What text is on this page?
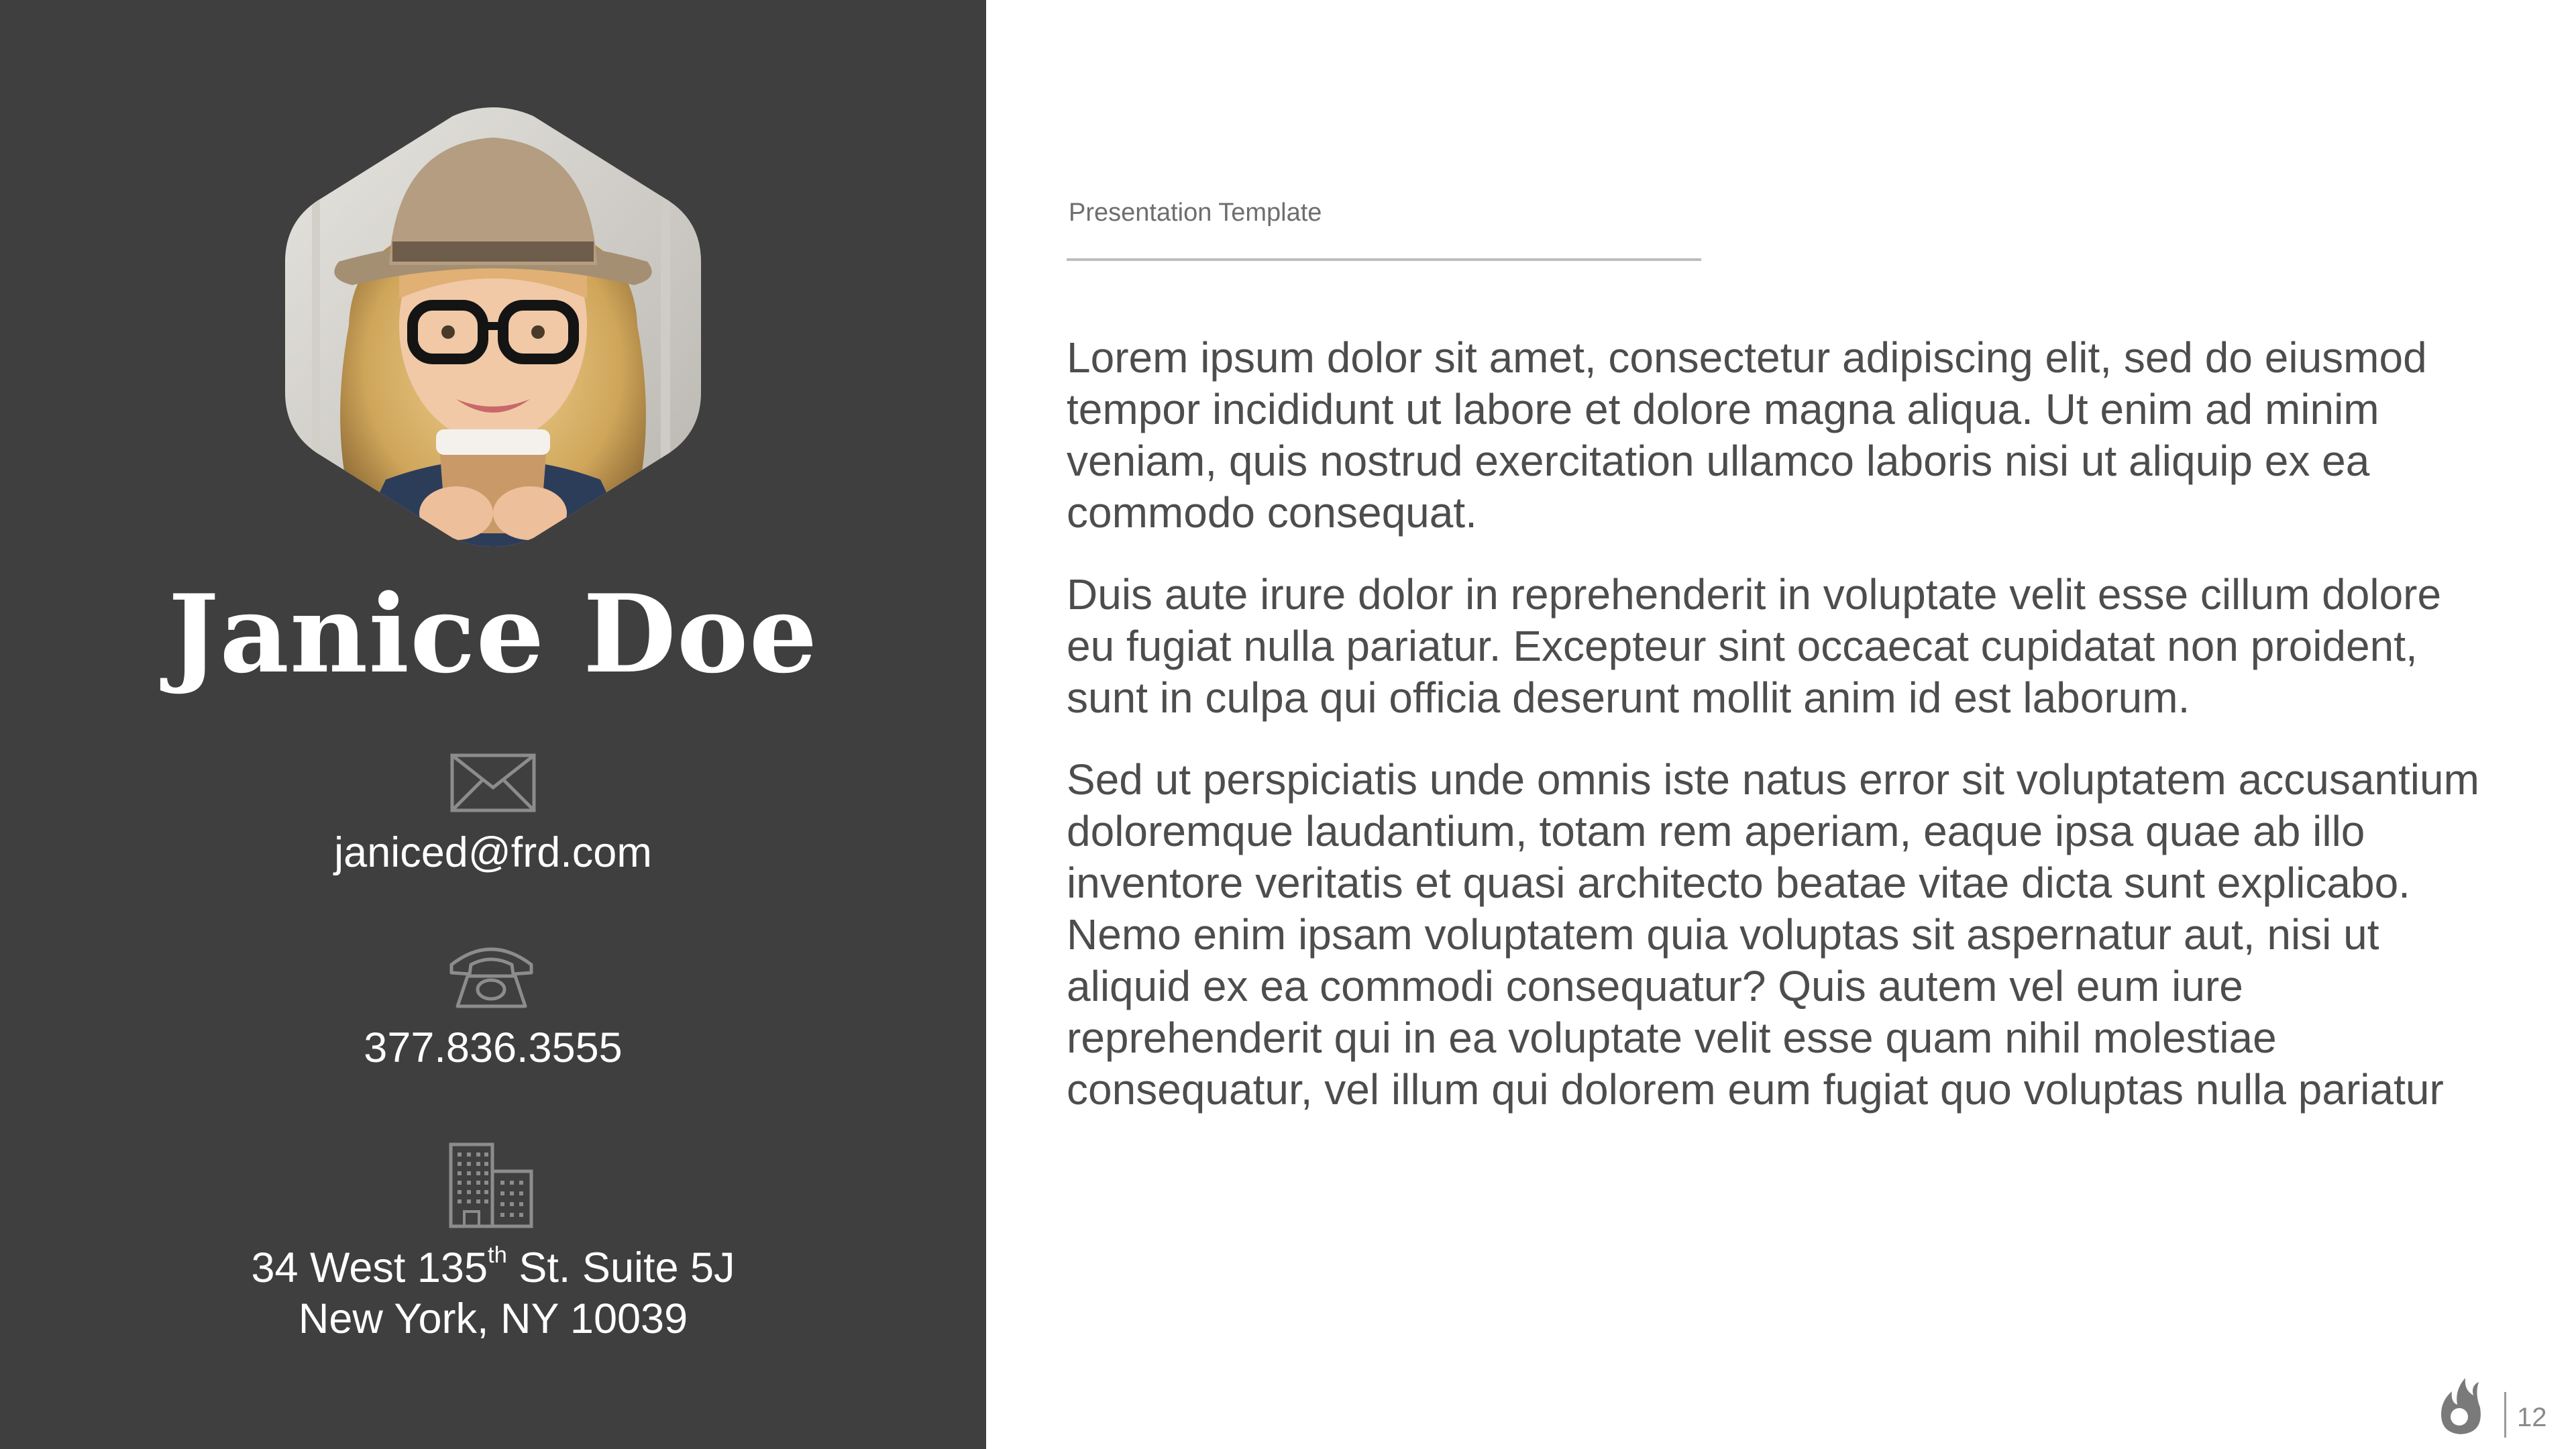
Janice Doe
janiced@frd.com
377.836.3555
34 West 135th St. Suite 5J
New York, NY 10039
Presentation Template

Lorem ipsum dolor sit amet, consectetur adipiscing elit, sed do eiusmod tempor incididunt ut labore et dolore magna aliqua. Ut enim ad minim veniam, quis nostrud exercitation ullamco laboris nisi ut aliquip ex ea commodo consequat.

Duis aute irure dolor in reprehenderit in voluptate velit esse cillum dolore eu fugiat nulla pariatur. Excepteur sint occaecat cupidatat non proident, sunt in culpa qui officia deserunt mollit anim id est laborum.

Sed ut perspiciatis unde omnis iste natus error sit voluptatem accusantium doloremque laudantium, totam rem aperiam, eaque ipsa quae ab illo inventore veritatis et quasi architecto beatae vitae dicta sunt explicabo. Nemo enim ipsam voluptatem quia voluptas sit aspernatur aut, nisi ut aliquid ex ea commodi consequatur? Quis autem vel eum iure reprehenderit qui in ea voluptate velit esse quam nihil molestiae consequatur, vel illum qui dolorem eum fugiat quo voluptas nulla pariatur

12
